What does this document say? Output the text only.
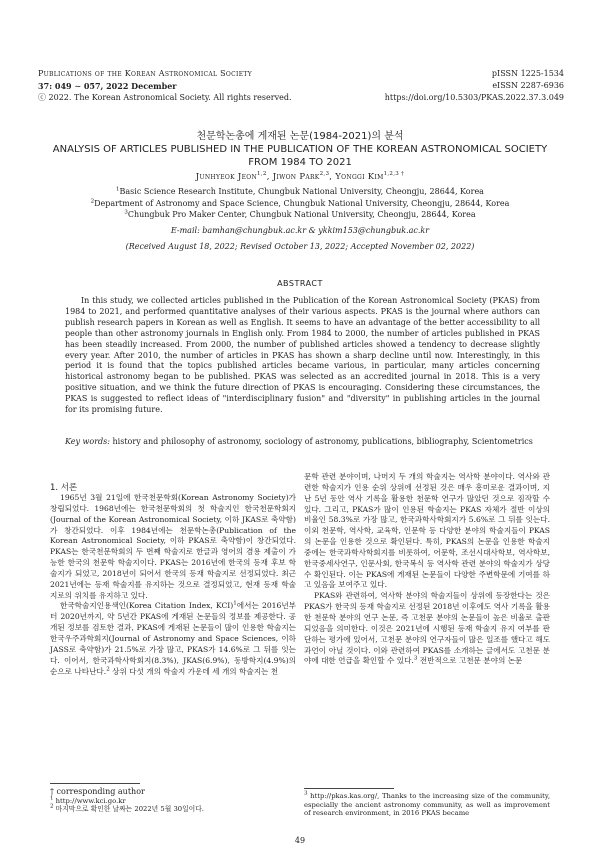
Publications of the Korean Astronomical Society
37: 049 ∼ 057, 2022 December
ⓒ 2022. The Korean Astronomical Society. All rights reserved.
pISSN 1225-1534
eISSN 2287-6936
https://doi.org/10.5303/PKAS.2022.37.3.049
천문학논총에 게재된 논문(1984-2021)의 분석
ANALYSIS OF ARTICLES PUBLISHED IN THE PUBLICATION OF THE KOREAN ASTRONOMICAL SOCIETY
FROM 1984 TO 2021
Junhyeok Jeon$^{1,2}$, Jiwon Park$^{2,3}$, Yonggi Kim$^{1,2,3}$ †
$^1$Basic Science Research Institute, Chungbuk National University, Cheongju, 28644, Korea
$^2$Department of Astronomy and Space Science, Chungbuk National University, Cheongju, 28644, Korea
$^3$Chungbuk Pro Maker Center, Chungbuk National University, Cheongju, 28644, Korea
E-mail: bamhan@chungbuk.ac.kr & ykkim153@chungbuk.ac.kr
(Received August 18, 2022; Revised October 13, 2022; Accepted November 02, 2022)
ABSTRACT

In this study, we collected articles published in the Publication of the Korean Astronomical Society (PKAS) from 1984 to 2021, and performed quantitative analyses of their various aspects. PKAS is the journal where authors can publish research papers in Korean as well as English. It seems to have an advantage of the better accessibility to all people than other astronomy journals in English only. From 1984 to 2000, the number of articles published in PKAS has been steadily increased. From 2000, the number of published articles showed a tendency to decrease slightly every year. After 2010, the number of articles in PKAS has shown a sharp decline until now. Interestingly, in this period it is found that the topics published articles became various, in particular, many articles concerning historical astronomy began to be published. PKAS was selected as an accredited journal in 2018. This is a very positive situation, and we think the future direction of PKAS is encouraging. Considering these circumstances, the PKAS is suggested to reflect ideas of "interdisciplinary fusion" and "diversity" in publishing articles in the journal for its promising future.

Key words: history and philosophy of astronomy, sociology of astronomy, publications, bibliography, Scientometrics
1. 서론

1965년 3월 21일에 한국천문학회(Korean Astronomy Society)가 창립되었다. 1968년에는 한국천문학회의 첫 학술지인 한국천문학회지(Journal of the Korean Astronomical Society, 이하 JKAS로 축약함)가 창간되었다. 이후 1984년에는 천문학논총(Publication of the Korean Astronomical Society, 이하 PKAS로 축약함)이 창간되었다. PKAS는 한국천문학회의 두 번째 학술지로 한글과 영어의 겸용 제출이 가능한 한국의 천문학 학술지이다. PKAS는 2016년에 한국의 등재 후보 학술지가 되었고, 2018년이 되어서 한국의 등재 학술지로 선정되었다. 최근 2021년에는 등재 학술지를 유지하는 것으로 결정되었고, 현재 등재 학술지로의 위치를 유지하고 있다.

한국학술지인용색인(Korea Citation Index, KCI)$^1$에서는 2016년부터 2020년까지, 약 5년간 PKAS에 게재된 논문들의 정보를 제공한다. 공개된 정보를 검토한 결과, PKAS에 게재된 논문들이 많이 인용한 학술지는 한국우주과학회지(Journal of Astronomy and Space Sciences, 이하 JASS로 축약함)가 21.5%로 가장 많고, PKAS가 14.6%로 그 뒤를 잇는다. 이어서, 한국과학사학회지(8.3%), JKAS(6.9%), 동방학지(4.9%)의 순으로 나타난다.$^2$ 상위 다섯 개의 학술지 가운데 세 개의 학술지는 천

문학 관련 분야이며, 나머지 두 개의 학술지는 역사학 분야이다. 역사와 관련한 학술지가 인용 순위 상위에 선정된 것은 매우 흥미로운 결과이며, 지난 5년 동안 역사 기록을 활용한 천문학 연구가 많았던 것으로 짐작할 수 있다. 그리고, PKAS가 많이 인용된 학술지는 PKAS 자체가 절반 이상의 비율인 58.3%로 가장 많고, 한국과학사학회지가 5.6%로 그 뒤를 잇는다. 이외 천문학, 역사학, 교육학, 인문학 등 다양한 분야의 학술지들이 PKAS의 논문을 인용한 것으로 확인된다. 특히, PKAS의 논문을 인용한 학술지 중에는 한국과학사학회지를 비롯하여, 어문학, 조선시대사학보, 역사학보, 한국중세사연구, 인문사회, 한국복식 등 역사학 관련 분야의 학술지가 상당수 확인된다. 이는 PKAS에 게재된 논문들이 다양한 주변학문에 기여를 하고 있음을 보여주고 있다.

PKAS와 관련하여, 역사학 분야의 학술지들이 상위에 등장한다는 것은 PKAS가 한국의 등재 학술지로 선정된 2018년 이후에도 역사 기록을 활용한 천문학 분야의 연구 논문, 즉 고천문 분야의 논문들이 높은 비율로 출판되었음을 의미한다. 이것은 2021년에 시행된 등재 학술지 유지 여부를 판단하는 평가에 있어서, 고천문 분야의 연구자들이 많은 일조를 했다고 해도 과언이 아닐 것이다. 이와 관련하여 PKAS를 소개하는 글에서도 고천문 분야에 대한 언급을 확인할 수 있다.$^3$ 전반적으로 고천문 분야의 논문

† corresponding author

$^1$ http://www.kci.go.kr

$^2$ 마지막으로 확인한 날짜는 2022년 5월 30일이다.

$^3$ http://pkas.kas.org/, Thanks to the increasing size of the community, especially the ancient astronomy community, as well as improvement of research environment, in 2016 PKAS became

49
